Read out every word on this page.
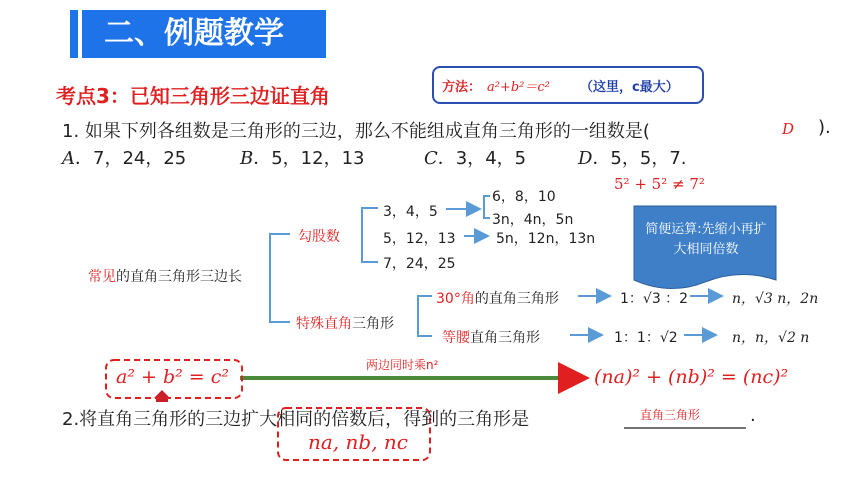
二、例题教学
考点3：已知三角形三边证直角	方法： a²+b²＝c² （这里，c最大）
1. 如果下列各组数是三角形的三边，那么不能组成直角三角形的一组数是(	D ).
A．7，24，25	B．5，12，13	C．3，4，5	D．5，5，7.
5² + 5² ≠ 7²
常见的直角三角形三边长
勾股数
特殊直角三角形
3，4，5
5，12，13
7，24，25
6，8，10
3n，4n，5n
5n，12n，13n
30°角的直角三角形	1：√3 ：2	n，√3 n，2n
等腰直角三角形	1：1：√2	n，n，√2 n
简便运算:先缩小再扩大相同倍数
a² + b² = c²
两边同时乘n²
(na)² + (nb)² = (nc)²
2.将直角三角形的三边扩大相同的倍数后，得到的三角形是	直角三角形	.
na, nb, nc
